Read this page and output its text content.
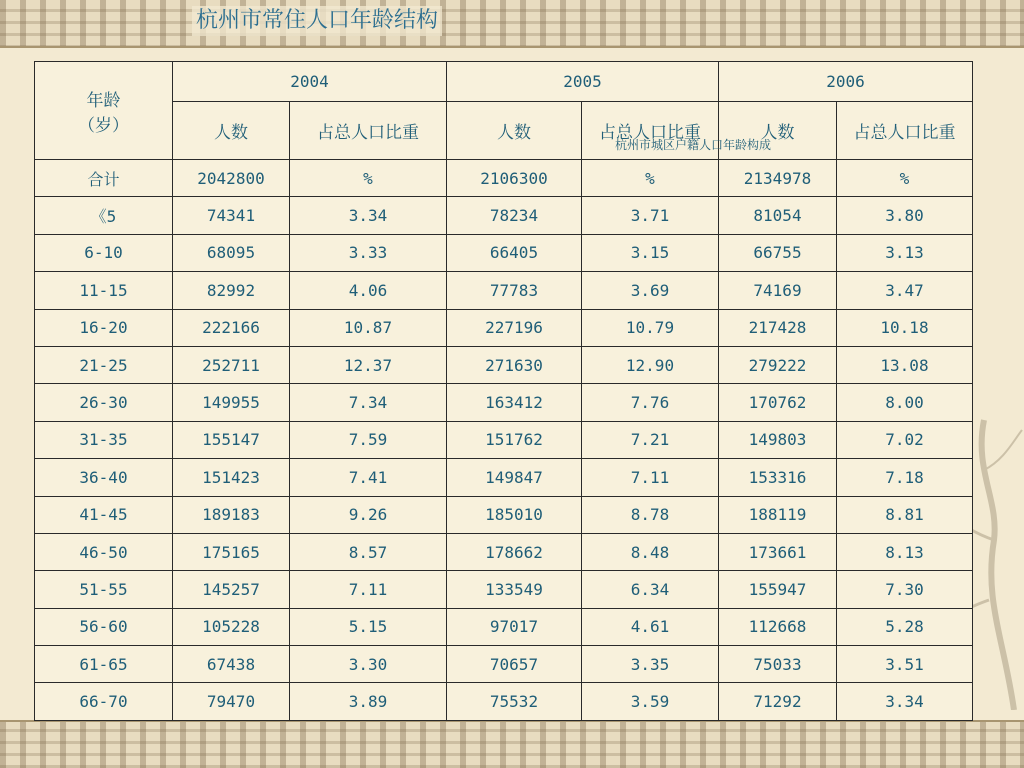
杭州市常住人口年龄结构
年龄
（岁）	2004		2005		2006	
	人数	占总人口比重	人数	占总人口比重	人数	占总人口比重
合计	2042800	%	2106300	%	2134978	%
《5	74341	3.34	78234	3.71	81054	3.80
6-10	68095	3.33	66405	3.15	66755	3.13
11-15	82992	4.06	77783	3.69	74169	3.47
16-20	222166	10.87	227196	10.79	217428	10.18
21-25	252711	12.37	271630	12.90	279222	13.08
26-30	149955	7.34	163412	7.76	170762	8.00
31-35	155147	7.59	151762	7.21	149803	7.02
36-40	151423	7.41	149847	7.11	153316	7.18
41-45	189183	9.26	185010	8.78	188119	8.81
46-50	175165	8.57	178662	8.48	173661	8.13
51-55	145257	7.11	133549	6.34	155947	7.30
56-60	105228	5.15	97017	4.61	112668	5.28
61-65	67438	3.30	70657	3.35	75033	3.51
66-70	79470	3.89	75532	3.59	71292	3.34
杭州市城区户籍人口年龄构成
